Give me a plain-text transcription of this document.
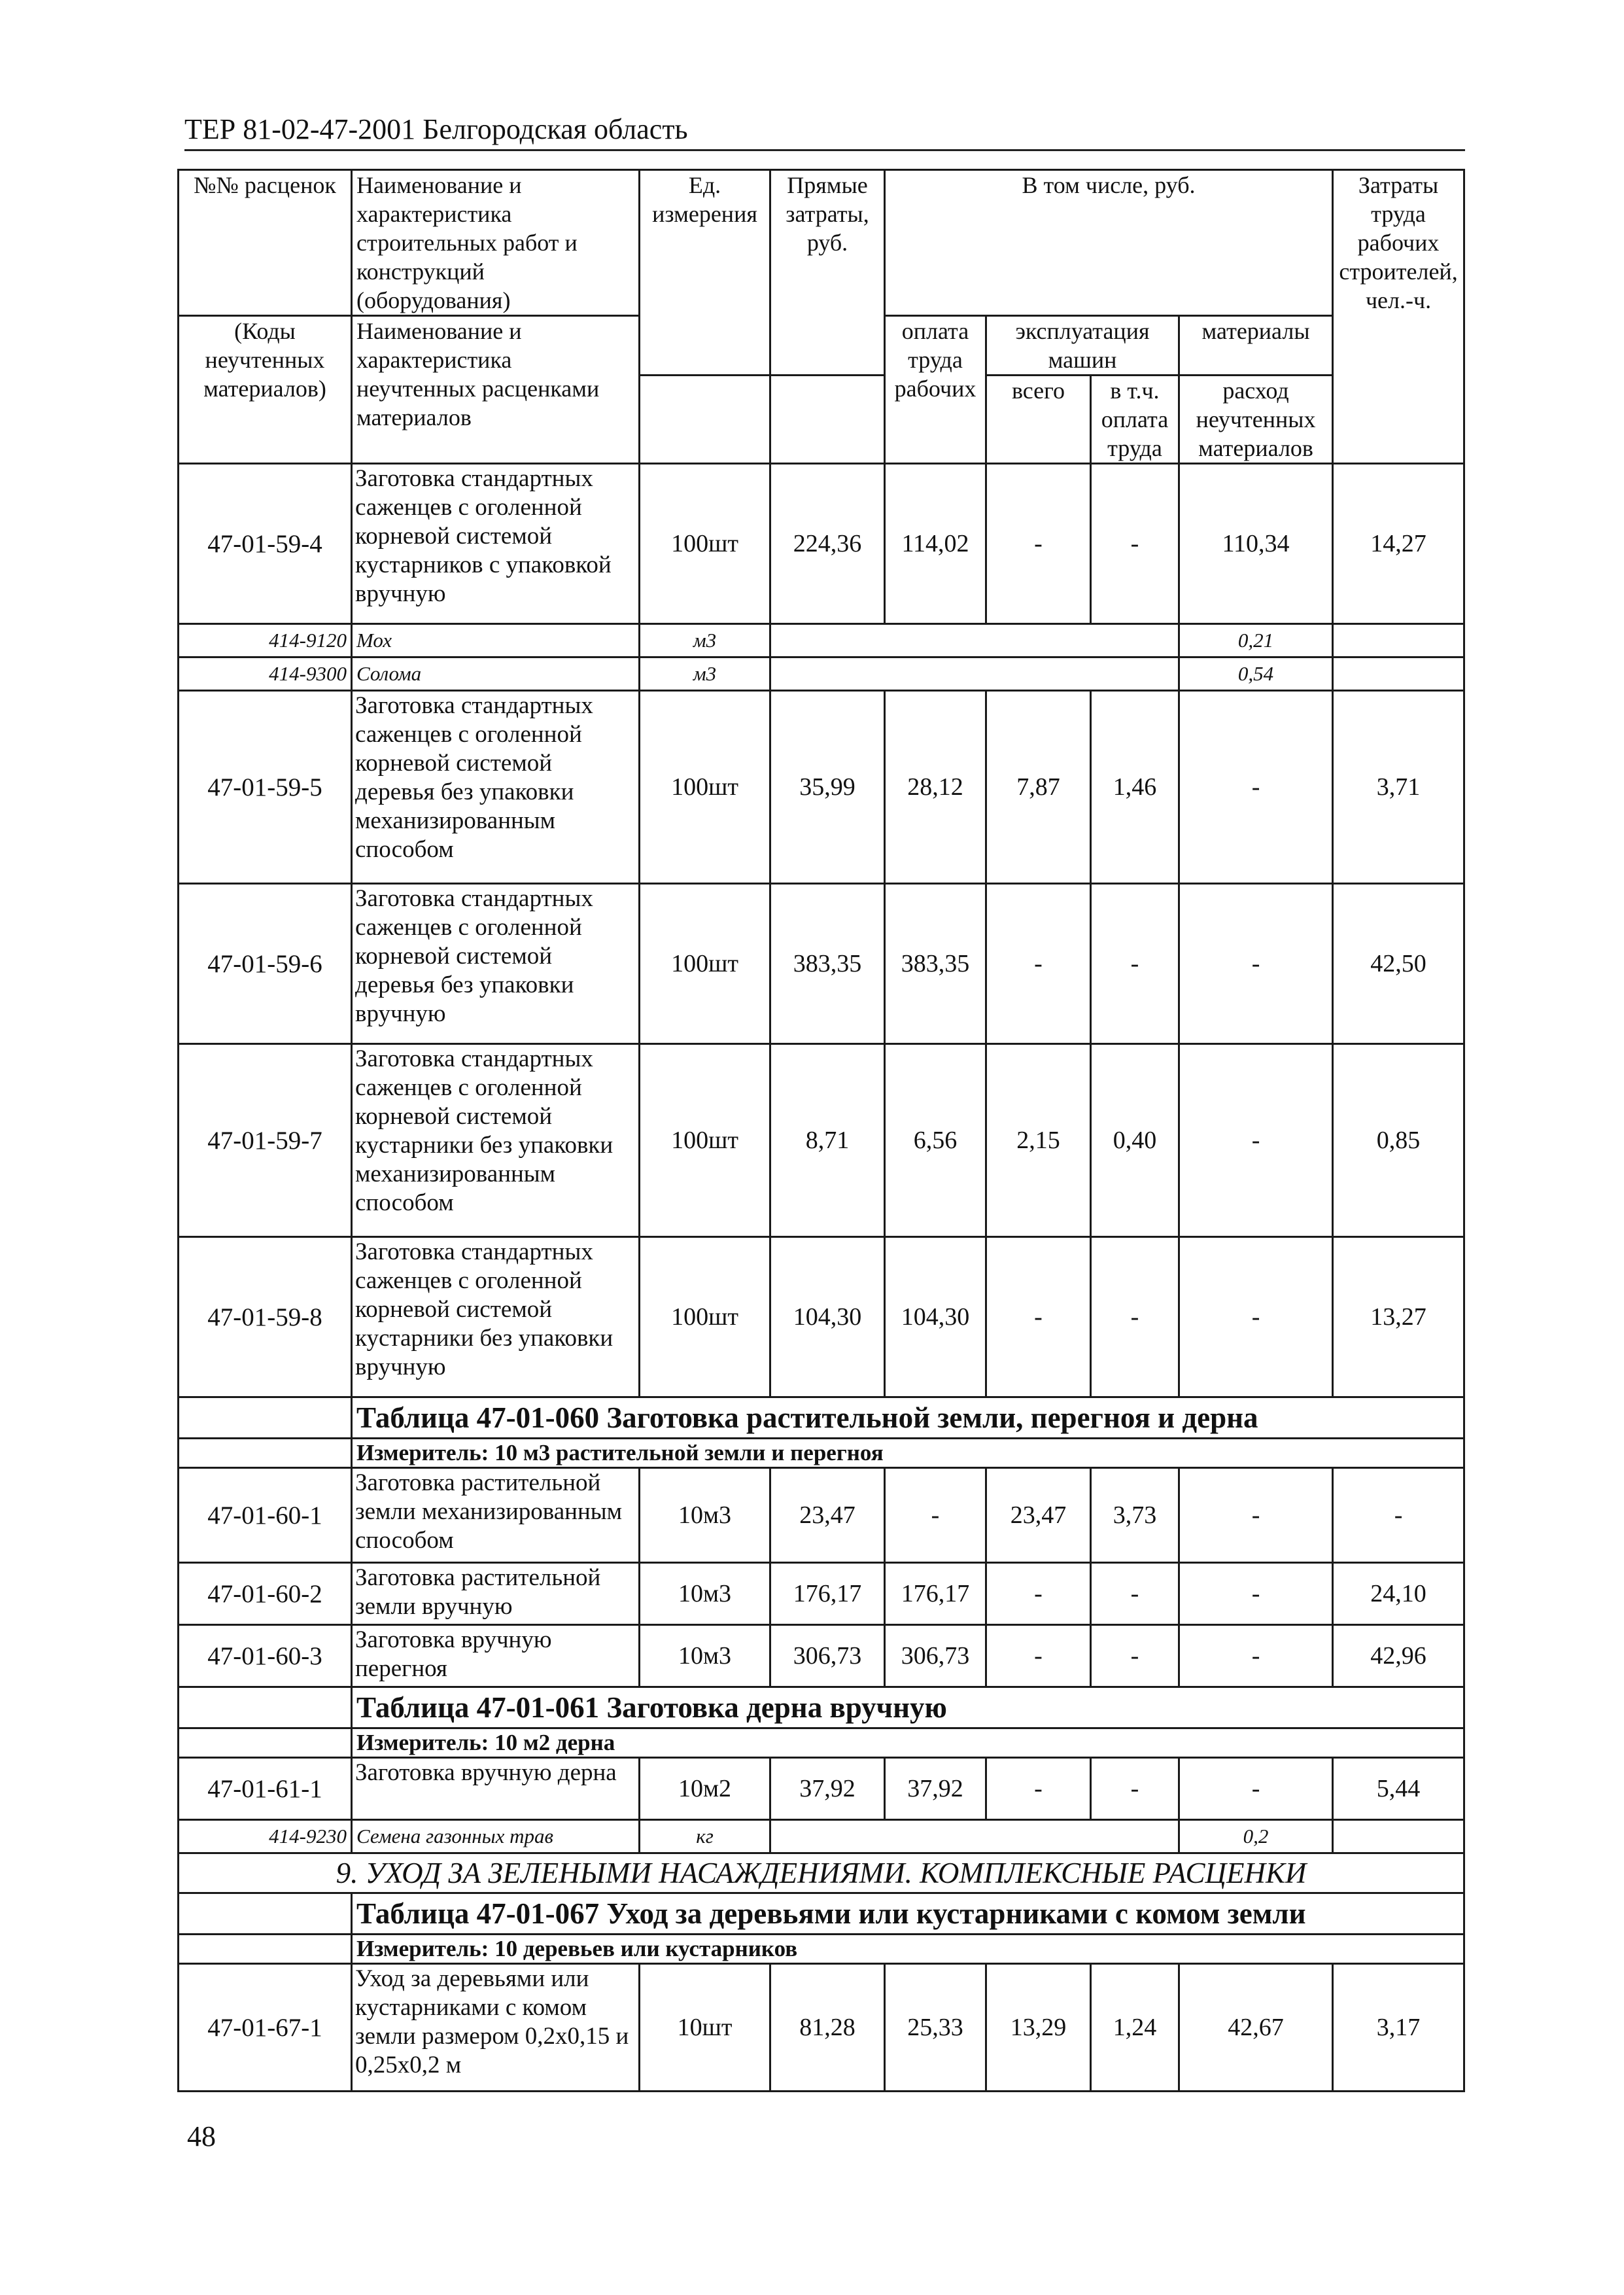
ТЕР 81-02-47-2001 Белгородская область
№№ расценок	Наименование и характеристика строительных работ и конструкций (оборудования)	Ед. измерения	Прямые затраты, руб.	В том числе, руб.				Затраты труда рабочих строителей, чел.-ч.
(Коды неучтенных материалов)	Наименование и характеристика неучтенных расценками материалов			оплата труда рабочих	эксплуатация машин		материалы	
					всего	в т.ч. оплата труда	расход неучтенных материалов	
47-01-59-4	Заготовка стандартных саженцев с оголенной корневой системой кустарников с упаковкой вручную	100шт	224,36	114,02	-	-	110,34	14,27
414-9120	Мох	м3					0,21	
414-9300	Солома	м3					0,54	
47-01-59-5	Заготовка стандартных саженцев с оголенной корневой системой деревья без упаковки механизированным способом	100шт	35,99	28,12	7,87	1,46	-	3,71
47-01-59-6	Заготовка стандартных саженцев с оголенной корневой системой деревья без упаковки вручную	100шт	383,35	383,35	-	-	-	42,50
47-01-59-7	Заготовка стандартных саженцев с оголенной корневой системой кустарники без упаковки механизированным способом	100шт	8,71	6,56	2,15	0,40	-	0,85
47-01-59-8	Заготовка стандартных саженцев с оголенной корневой системой кустарники без упаковки вручную	100шт	104,30	104,30	-	-	-	13,27
	Таблица 47-01-060 Заготовка растительной земли, перегноя и дерна							
	Измеритель: 10 м3 растительной земли и перегноя							
47-01-60-1	Заготовка растительной земли механизированным способом	10м3	23,47	-	23,47	3,73	-	-
47-01-60-2	Заготовка растительной земли вручную	10м3	176,17	176,17	-	-	-	24,10
47-01-60-3	Заготовка вручную перегноя	10м3	306,73	306,73	-	-	-	42,96
	Таблица 47-01-061 Заготовка дерна вручную							
	Измеритель: 10 м2 дерна							
47-01-61-1	Заготовка вручную дерна	10м2	37,92	37,92	-	-	-	5,44
414-9230	Семена газонных трав	кг					0,2	
9. УХОД ЗА ЗЕЛЕНЫМИ НАСАЖДЕНИЯМИ. КОМПЛЕКСНЫЕ РАСЦЕНКИ								
	Таблица 47-01-067 Уход за деревьями или кустарниками с комом земли							
	Измеритель: 10 деревьев или кустарников							
47-01-67-1	Уход за деревьями или кустарниками с комом земли размером 0,2х0,15 и 0,25х0,2 м	10шт	81,28	25,33	13,29	1,24	42,67	3,17
48
